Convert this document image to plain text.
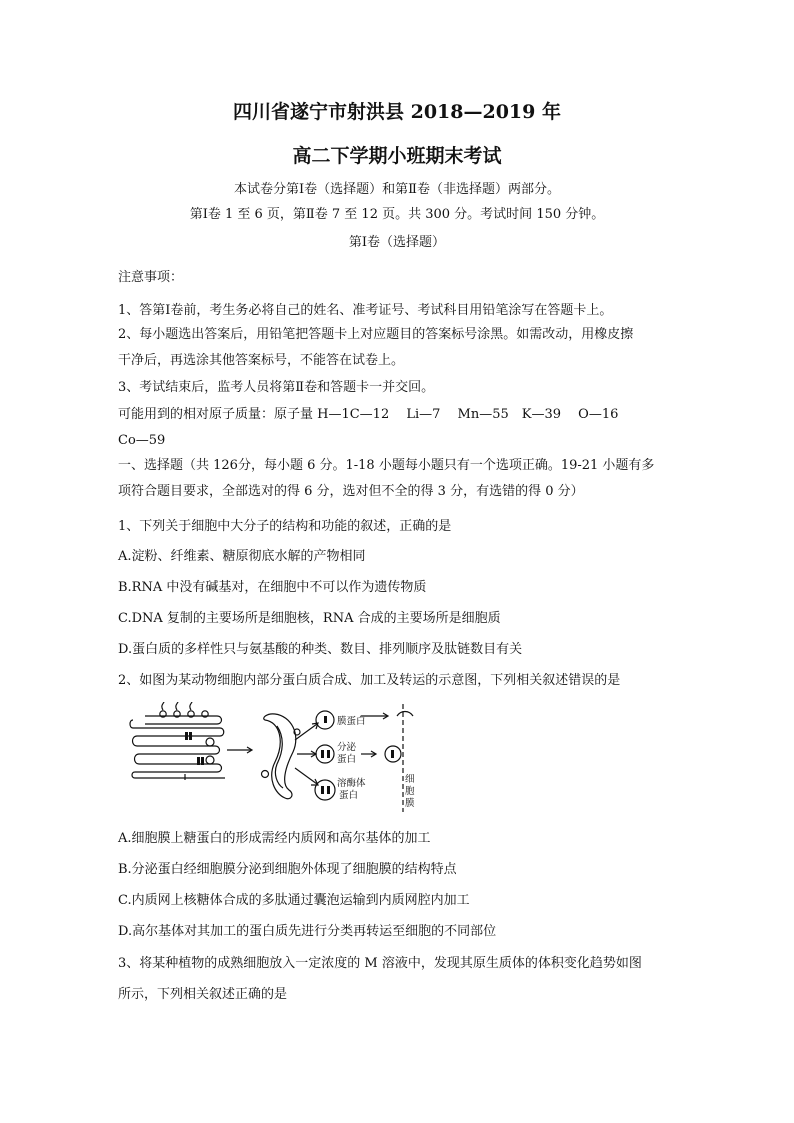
四川省遂宁市射洪县 2018—2019 年
高二下学期小班期末考试
本试卷分第Ⅰ卷（选择题）和第Ⅱ卷（非选择题）两部分。
第Ⅰ卷 1 至 6 页，第Ⅱ卷 7 至 12 页。共 300 分。考试时间 150 分钟。
第Ⅰ卷（选择题）
注意事项：
1、答第Ⅰ卷前，考生务必将自己的姓名、准考证号、考试科目用铅笔涂写在答题卡上。
2、每小题选出答案后，用铅笔把答题卡上对应题目的答案标号涂黑。如需改动，用橡皮擦
干净后，再选涂其他答案标号，不能答在试卷上。
3、考试结束后，监考人员将第Ⅱ卷和答题卡一并交回。
可能用到的相对原子质量：原子量 H—1C—12　 Li—7　 Mn—55　K—39　 O—16
Co—59
一、选择题（共 126分，每小题 6 分。1-18 小题每小题只有一个选项正确。19-21 小题有多
项符合题目要求，全部选对的得 6 分，选对但不全的得 3 分，有选错的得 0 分）
1、下列关于细胞中大分子的结构和功能的叙述，正确的是
A.淀粉、纤维素、糖原彻底水解的产物相同
B.RNA 中没有碱基对，在细胞中不可以作为遗传物质
C.DNA 复制的主要场所是细胞核，RNA 合成的主要场所是细胞质
D.蛋白质的多样性只与氨基酸的种类、数目、排列顺序及肽链数目有关
2、如图为某动物细胞内部分蛋白质合成、加工及转运的示意图，下列相关叙述错误的是
膜蛋白
分泌
蛋白
溶酶体
蛋白
细
胞
膜
A.细胞膜上糖蛋白的形成需经内质网和高尔基体的加工
B.分泌蛋白经细胞膜分泌到细胞外体现了细胞膜的结构特点
C.内质网上核糖体合成的多肽通过囊泡运输到内质网腔内加工
D.高尔基体对其加工的蛋白质先进行分类再转运至细胞的不同部位
3、将某种植物的成熟细胞放入一定浓度的 M 溶液中，发现其原生质体的体积变化趋势如图
所示，下列相关叙述正确的是
